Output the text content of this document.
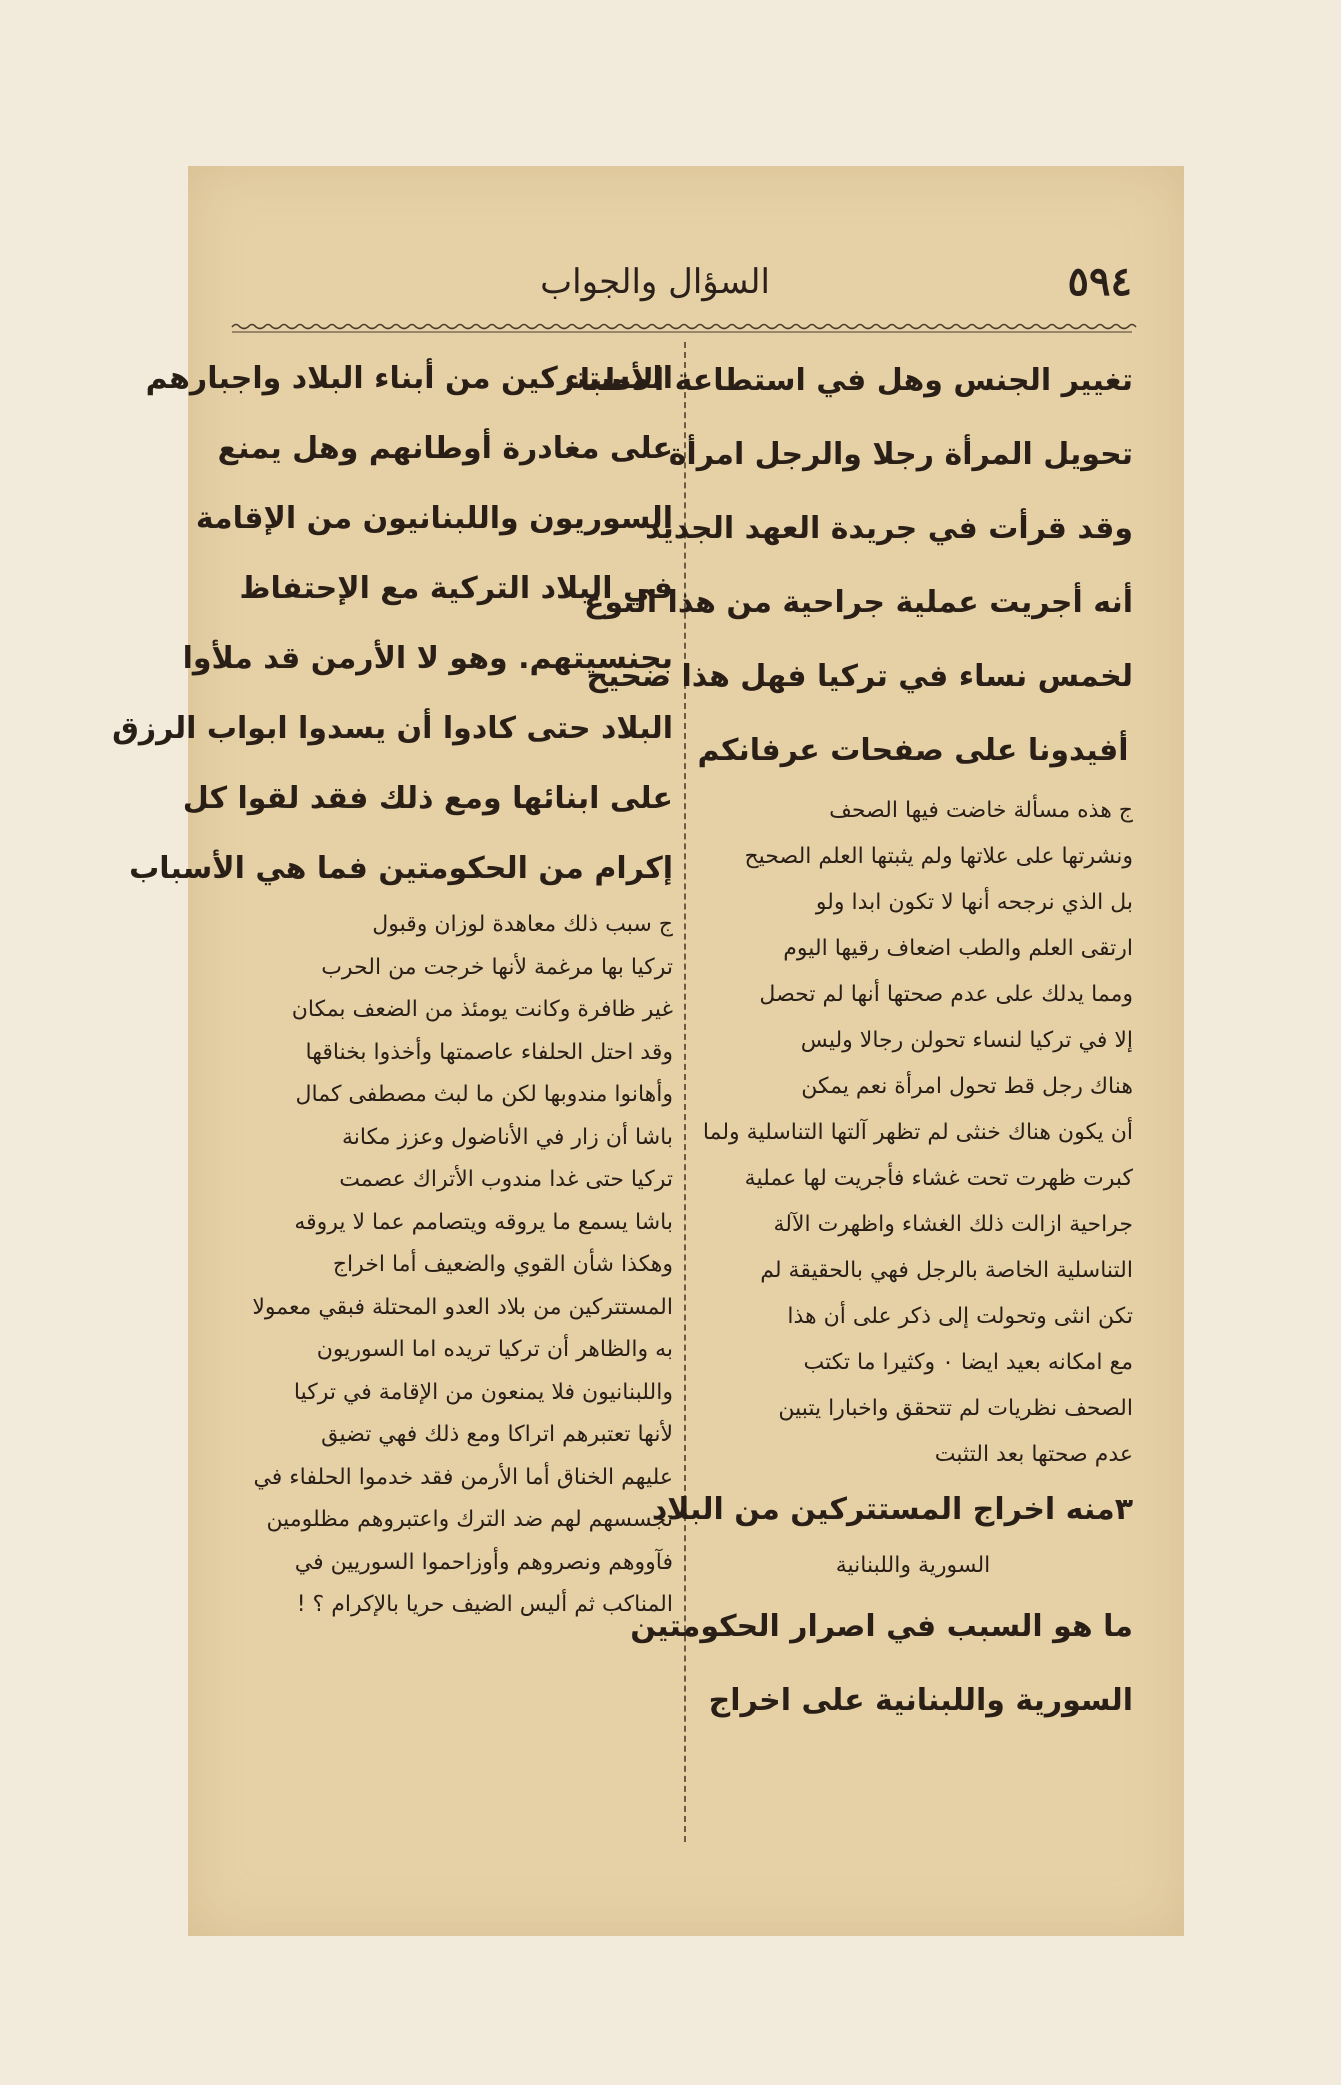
٥٩٤
السؤال والجواب
تغيير الجنس وهل في استطاعة الأطباء
تحويل المرأة رجلا والرجل امرأة
وقد قرأت في جريدة العهد الجديد
أنه أجريت عملية جراحية من هذا النوع
لخمس نساء في تركيا فهل هذا صحيح
أفيدونا على صفحات عرفانكم
ج هذه مسألة خاضت فيها الصحف
ونشرتها على علاتها ولم يثبتها العلم الصحيح
بل الذي نرجحه أنها لا تكون ابدا ولو
ارتقى العلم والطب اضعاف رقيها اليوم
ومما يدلك على عدم صحتها أنها لم تحصل
إلا في تركيا لنساء تحولن رجالا وليس
هناك رجل قط تحول امرأة نعم يمكن
أن يكون هناك خنثى لم تظهر آلتها التناسلية ولما
كبرت ظهرت تحت غشاء فأجريت لها عملية
جراحية ازالت ذلك الغشاء واظهرت الآلة
التناسلية الخاصة بالرجل فهي بالحقيقة لم
تكن انثى وتحولت إلى ذكر على أن هذا
مع امكانه بعيد ايضا ٠ وكثيرا ما تكتب
الصحف نظريات لم تتحقق واخبارا يتبين
عدم صحتها بعد التثبت
٣منه اخراج المستتركين من البلاد
السورية واللبنانية
ما هو السبب في اصرار الحكومتين
السورية واللبنانية على اخراج
المستتركين من أبناء البلاد واجبارهم
على مغادرة أوطانهم وهل يمنع
السوريون واللبنانيون من الإقامة
في البلاد التركية مع الإحتفاظ
بجنسيتهم. وهو لا الأرمن قد ملأوا
البلاد حتى كادوا أن يسدوا ابواب الرزق
على ابنائها ومع ذلك فقد لقوا كل
إكرام من الحكومتين فما هي الأسباب
ج سبب ذلك معاهدة لوزان وقبول
تركيا بها مرغمة لأنها خرجت من الحرب
غير ظافرة وكانت يومئذ من الضعف بمكان
وقد احتل الحلفاء عاصمتها وأخذوا بخناقها
وأهانوا مندوبها لكن ما لبث مصطفى كمال
باشا أن زار في الأناضول وعزز مكانة
تركيا حتى غدا مندوب الأتراك عصمت
باشا يسمع ما يروقه ويتصامم عما لا يروقه
وهكذا شأن القوي والضعيف أما اخراج
المستتركين من بلاد العدو المحتلة فبقي معمولا
به والظاهر أن تركيا تريده اما السوريون
واللبنانيون فلا يمنعون من الإقامة في تركيا
لأنها تعتبرهم اتراكا ومع ذلك فهي تضيق
عليهم الخناق أما الأرمن فقد خدموا الحلفاء في
تجسسهم لهم ضد الترك واعتبروهم مظلومين
فآووهم ونصروهم وأوزاحموا السوريين في
المناكب ثم أليس الضيف حريا بالإكرام ؟ !
